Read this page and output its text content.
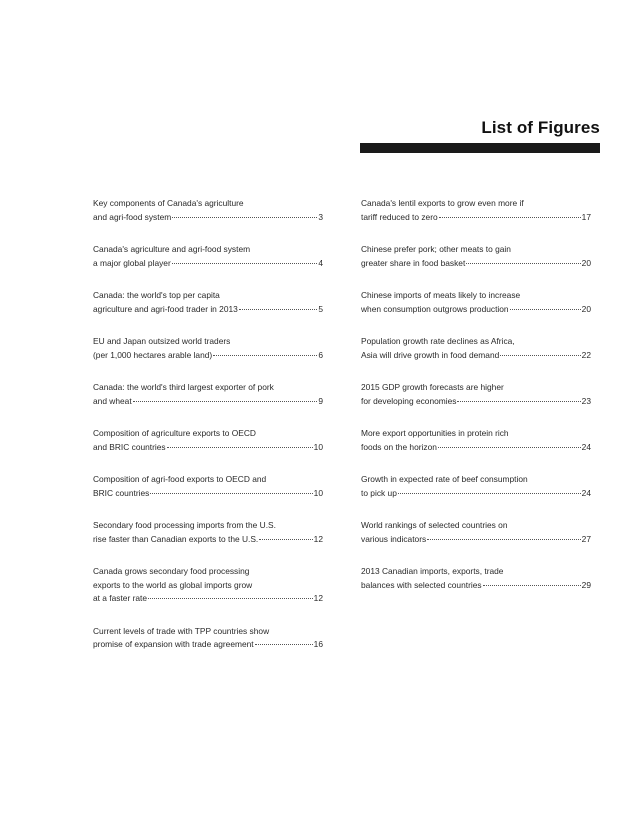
List of Figures
Key components of Canada's agriculture
and agri-food system	3
Canada's agriculture and agri-food system
a major global player	4
Canada: the world's top per capita
agriculture and agri-food trader in 2013	5
EU and Japan outsized world traders
(per 1,000 hectares arable land)	6
Canada: the world's third largest exporter of pork
and wheat	9
Composition of agriculture exports to OECD
and BRIC countries	10
Composition of agri-food exports to OECD and
BRIC countries	10
Secondary food processing imports from the U.S.
rise faster than Canadian exports to the U.S.	12
Canada grows secondary food processing
exports to the world as global imports grow
at a faster rate	12
Current levels of trade with TPP countries show
promise of expansion with trade agreement	16
Canada's lentil exports to grow even more if
tariff reduced to zero	17
Chinese prefer pork; other meats to gain
greater share in food basket	20
Chinese imports of meats likely to increase
when consumption outgrows production	20
Population growth rate declines as Africa,
Asia will drive growth in food demand	22
2015 GDP growth forecasts are higher
for developing economies	23
More export opportunities in protein rich
foods on the horizon	24
Growth in expected rate of beef consumption
to pick up	24
World rankings of selected countries on
various indicators	27
2013 Canadian imports, exports, trade
balances with selected countries	29
